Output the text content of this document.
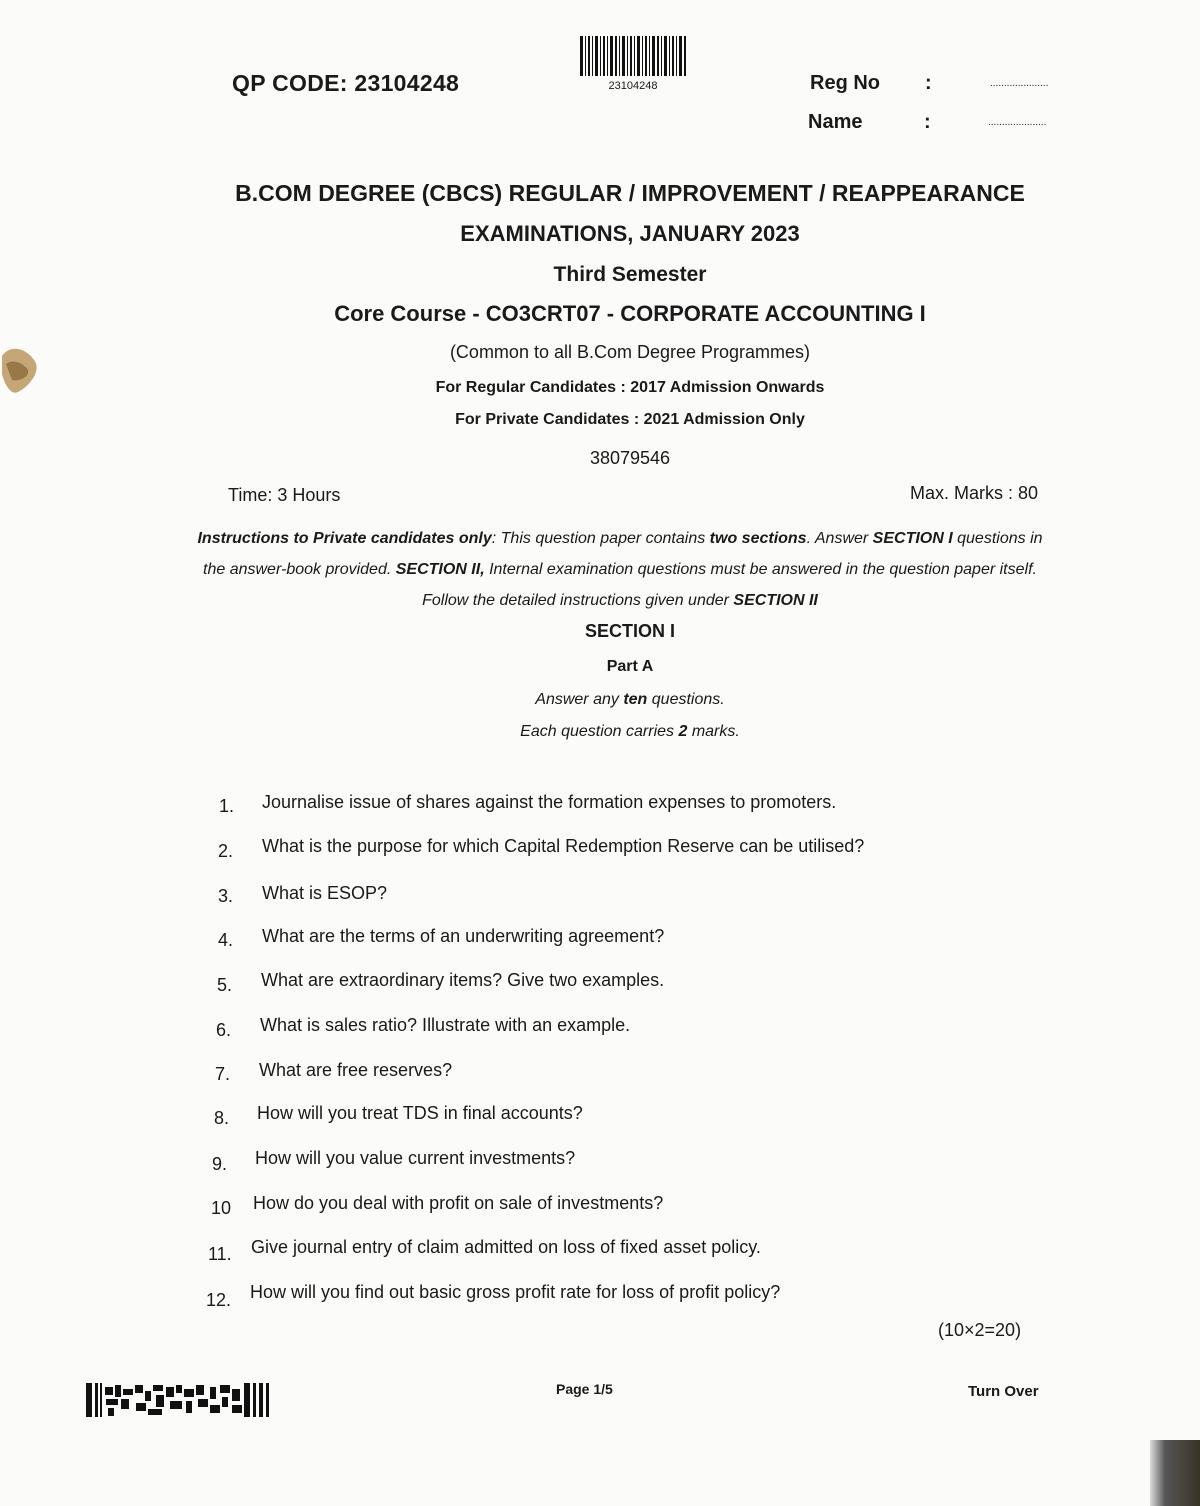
QP CODE: 23104248	23104248	Reg No :	.....................
Name	:	.....................
B.COM DEGREE (CBCS) REGULAR / IMPROVEMENT / REAPPEARANCE
EXAMINATIONS, JANUARY 2023
Third Semester
Core Course - CO3CRT07 - CORPORATE ACCOUNTING I
(Common to all B.Com Degree Programmes)
For Regular Candidates : 2017 Admission Onwards
For Private Candidates : 2021 Admission Only
38079546
Time: 3 Hours	Max. Marks : 80
Instructions to Private candidates only: This question paper contains two sections. Answer SECTION I questions in the answer-book provided. SECTION II, Internal examination questions must be answered in the question paper itself. Follow the detailed instructions given under SECTION II
SECTION I
Part A
Answer any ten questions.
Each question carries 2 marks.
1. Journalise issue of shares against the formation expenses to promoters.
2. What is the purpose for which Capital Redemption Reserve can be utilised?
3. What is ESOP?
4. What are the terms of an underwriting agreement?
5. What are extraordinary items? Give two examples.
6. What is sales ratio? Illustrate with an example.
7. What are free reserves?
8. How will you treat TDS in final accounts?
9. How will you value current investments?
10 How do you deal with profit on sale of investments?
11. Give journal entry of claim admitted on loss of fixed asset policy.
12. How will you find out basic gross profit rate for loss of profit policy?
(10×2=20)
Page 1/5	Turn Over
